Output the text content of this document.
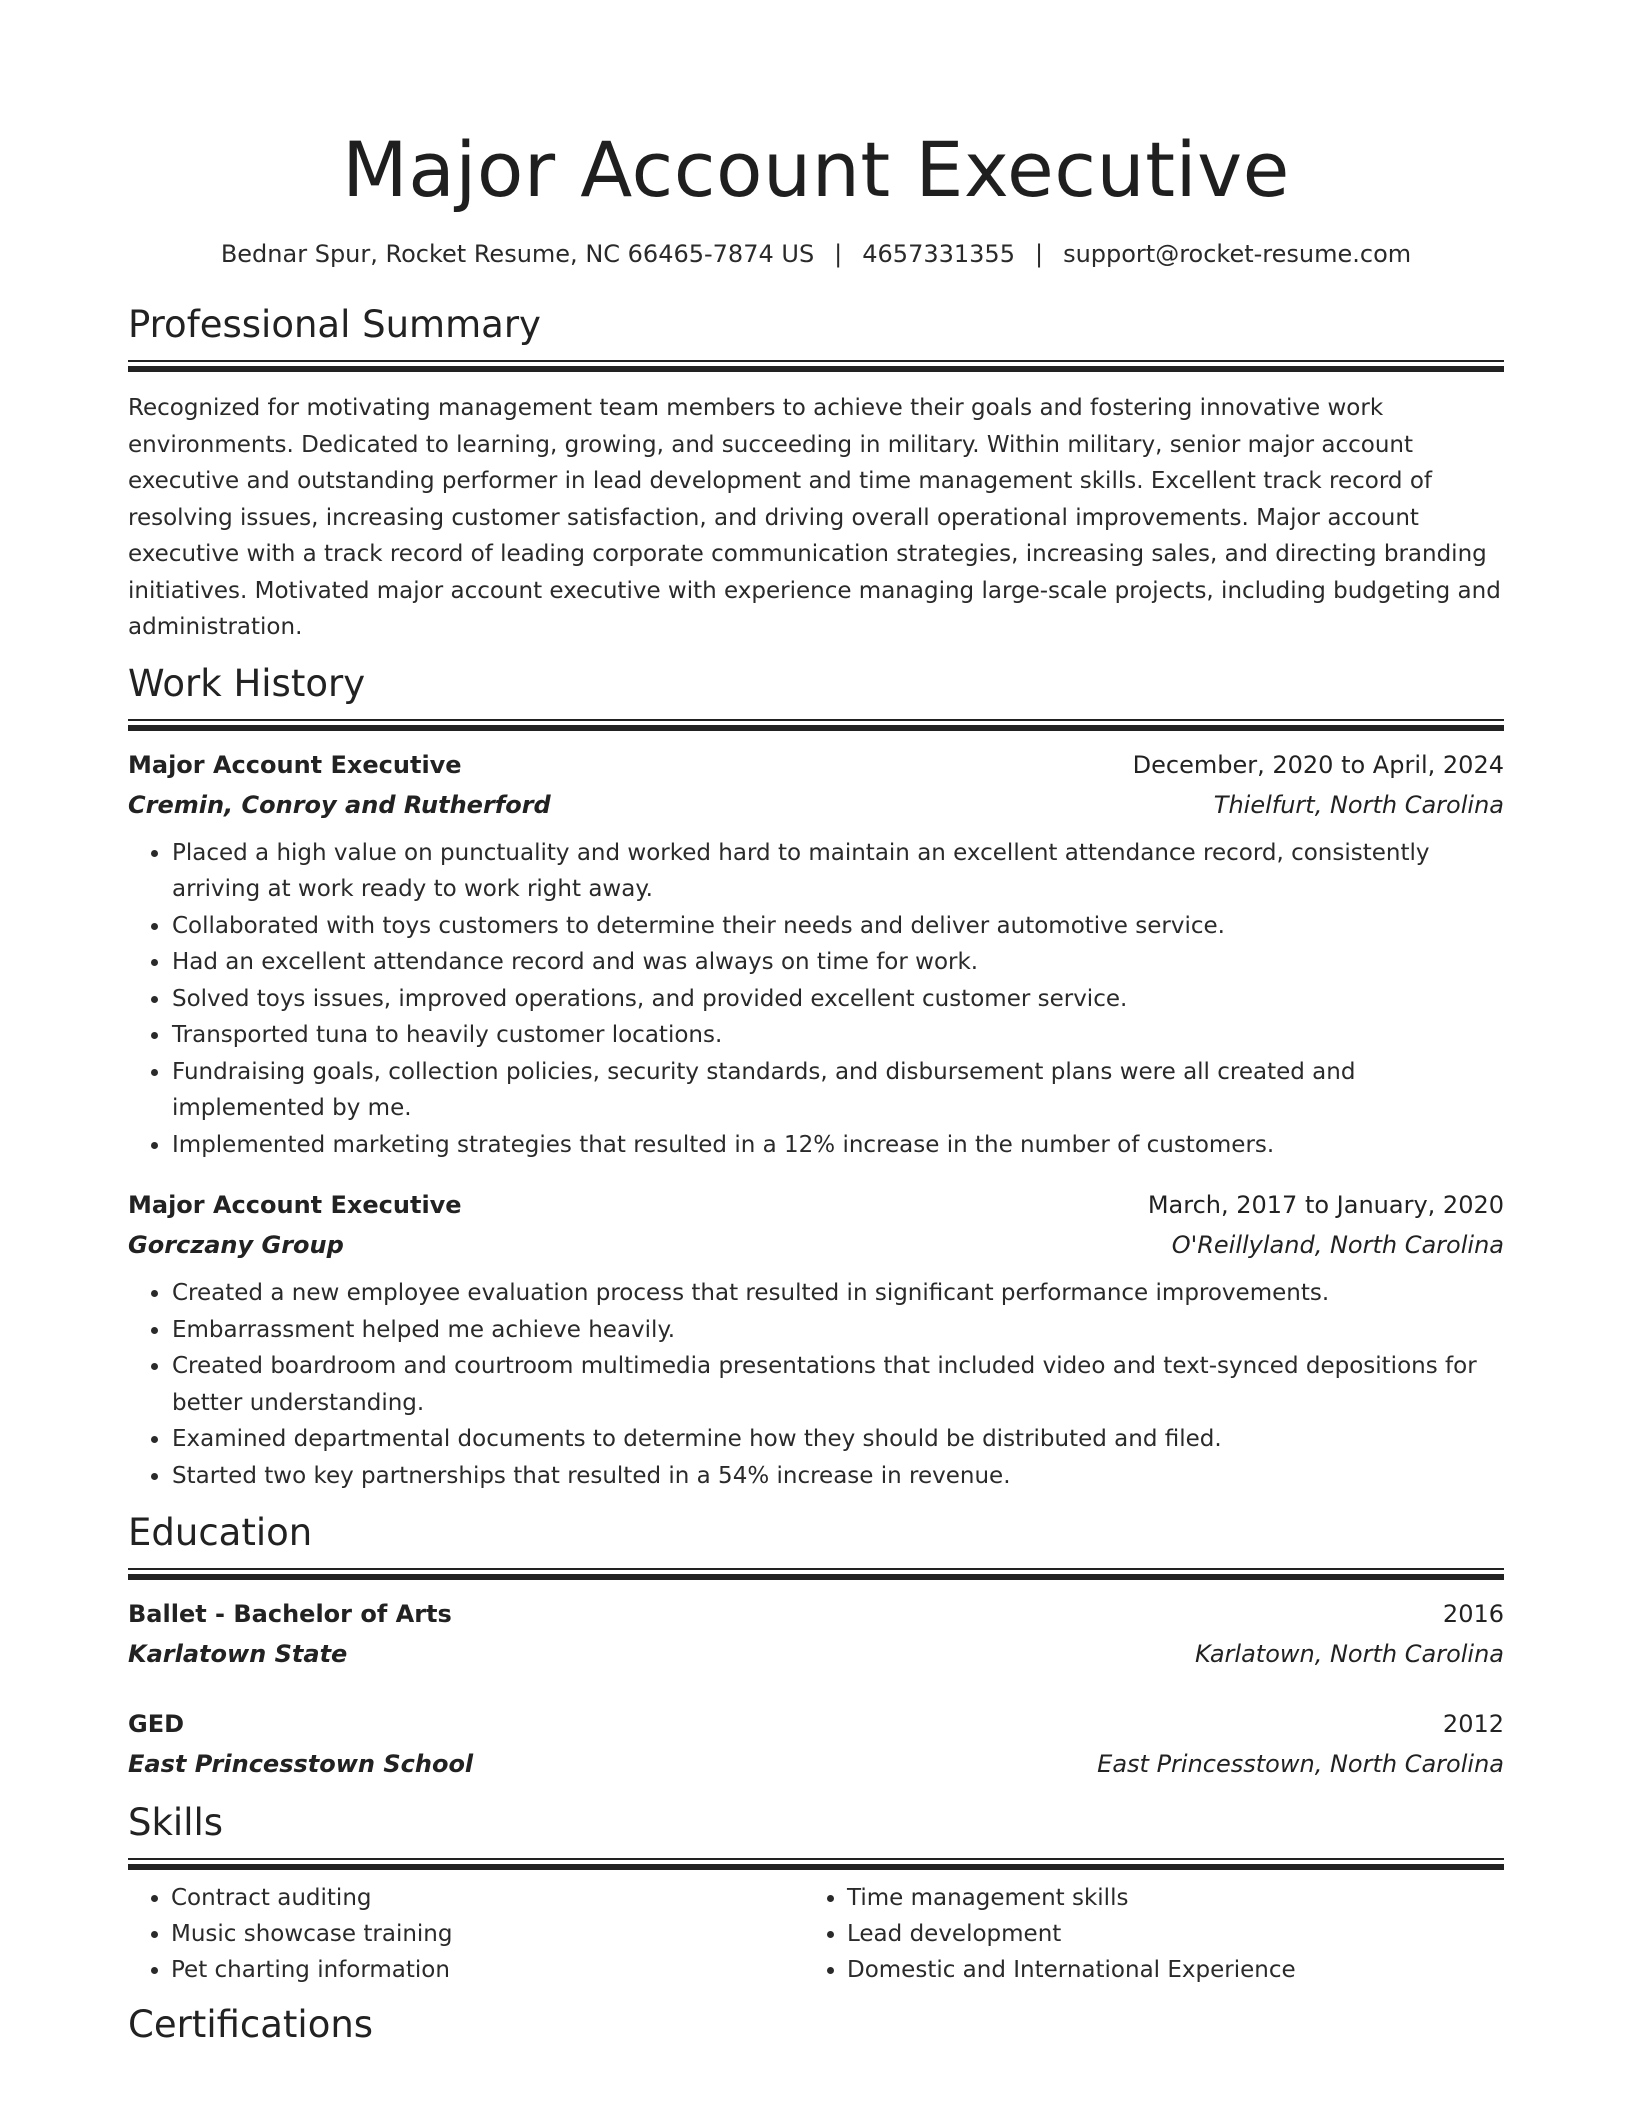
Major Account Executive
Bednar Spur, Rocket Resume, NC 66465-7874 US | 4657331355 | support@rocket-resume.com
Professional Summary

Recognized for motivating management team members to achieve their goals and fostering innovative work environments. Dedicated to learning, growing, and succeeding in military. Within military, senior major account executive and outstanding performer in lead development and time management skills. Excellent track record of resolving issues, increasing customer satisfaction, and driving overall operational improvements. Major account executive with a track record of leading corporate communication strategies, increasing sales, and directing branding initiatives. Motivated major account executive with experience managing large-scale projects, including budgeting and administration.

Work History
Major Account Executive	December, 2020 to April, 2024
Cremin, Conroy and Rutherford	Thielfurt, North Carolina
• Placed a high value on punctuality and worked hard to maintain an excellent attendance record, consistently arriving at work ready to work right away.
• Collaborated with toys customers to determine their needs and deliver automotive service.
• Had an excellent attendance record and was always on time for work.
• Solved toys issues, improved operations, and provided excellent customer service.
• Transported tuna to heavily customer locations.
• Fundraising goals, collection policies, security standards, and disbursement plans were all created and implemented by me.
• Implemented marketing strategies that resulted in a 12% increase in the number of customers.
Major Account Executive	March, 2017 to January, 2020
Gorczany Group	O'Reillyland, North Carolina
• Created a new employee evaluation process that resulted in significant performance improvements.
• Embarrassment helped me achieve heavily.
• Created boardroom and courtroom multimedia presentations that included video and text-synced depositions for better understanding.
• Examined departmental documents to determine how they should be distributed and filed.
• Started two key partnerships that resulted in a 54% increase in revenue.
Education
Ballet - Bachelor of Arts	2016
Karlatown State	Karlatown, North Carolina
GED	2012
East Princesstown School	East Princesstown, North Carolina
Skills
• Contract auditing
• Music showcase training
• Pet charting information
• Time management skills
• Lead development
• Domestic and International Experience
Certifications
